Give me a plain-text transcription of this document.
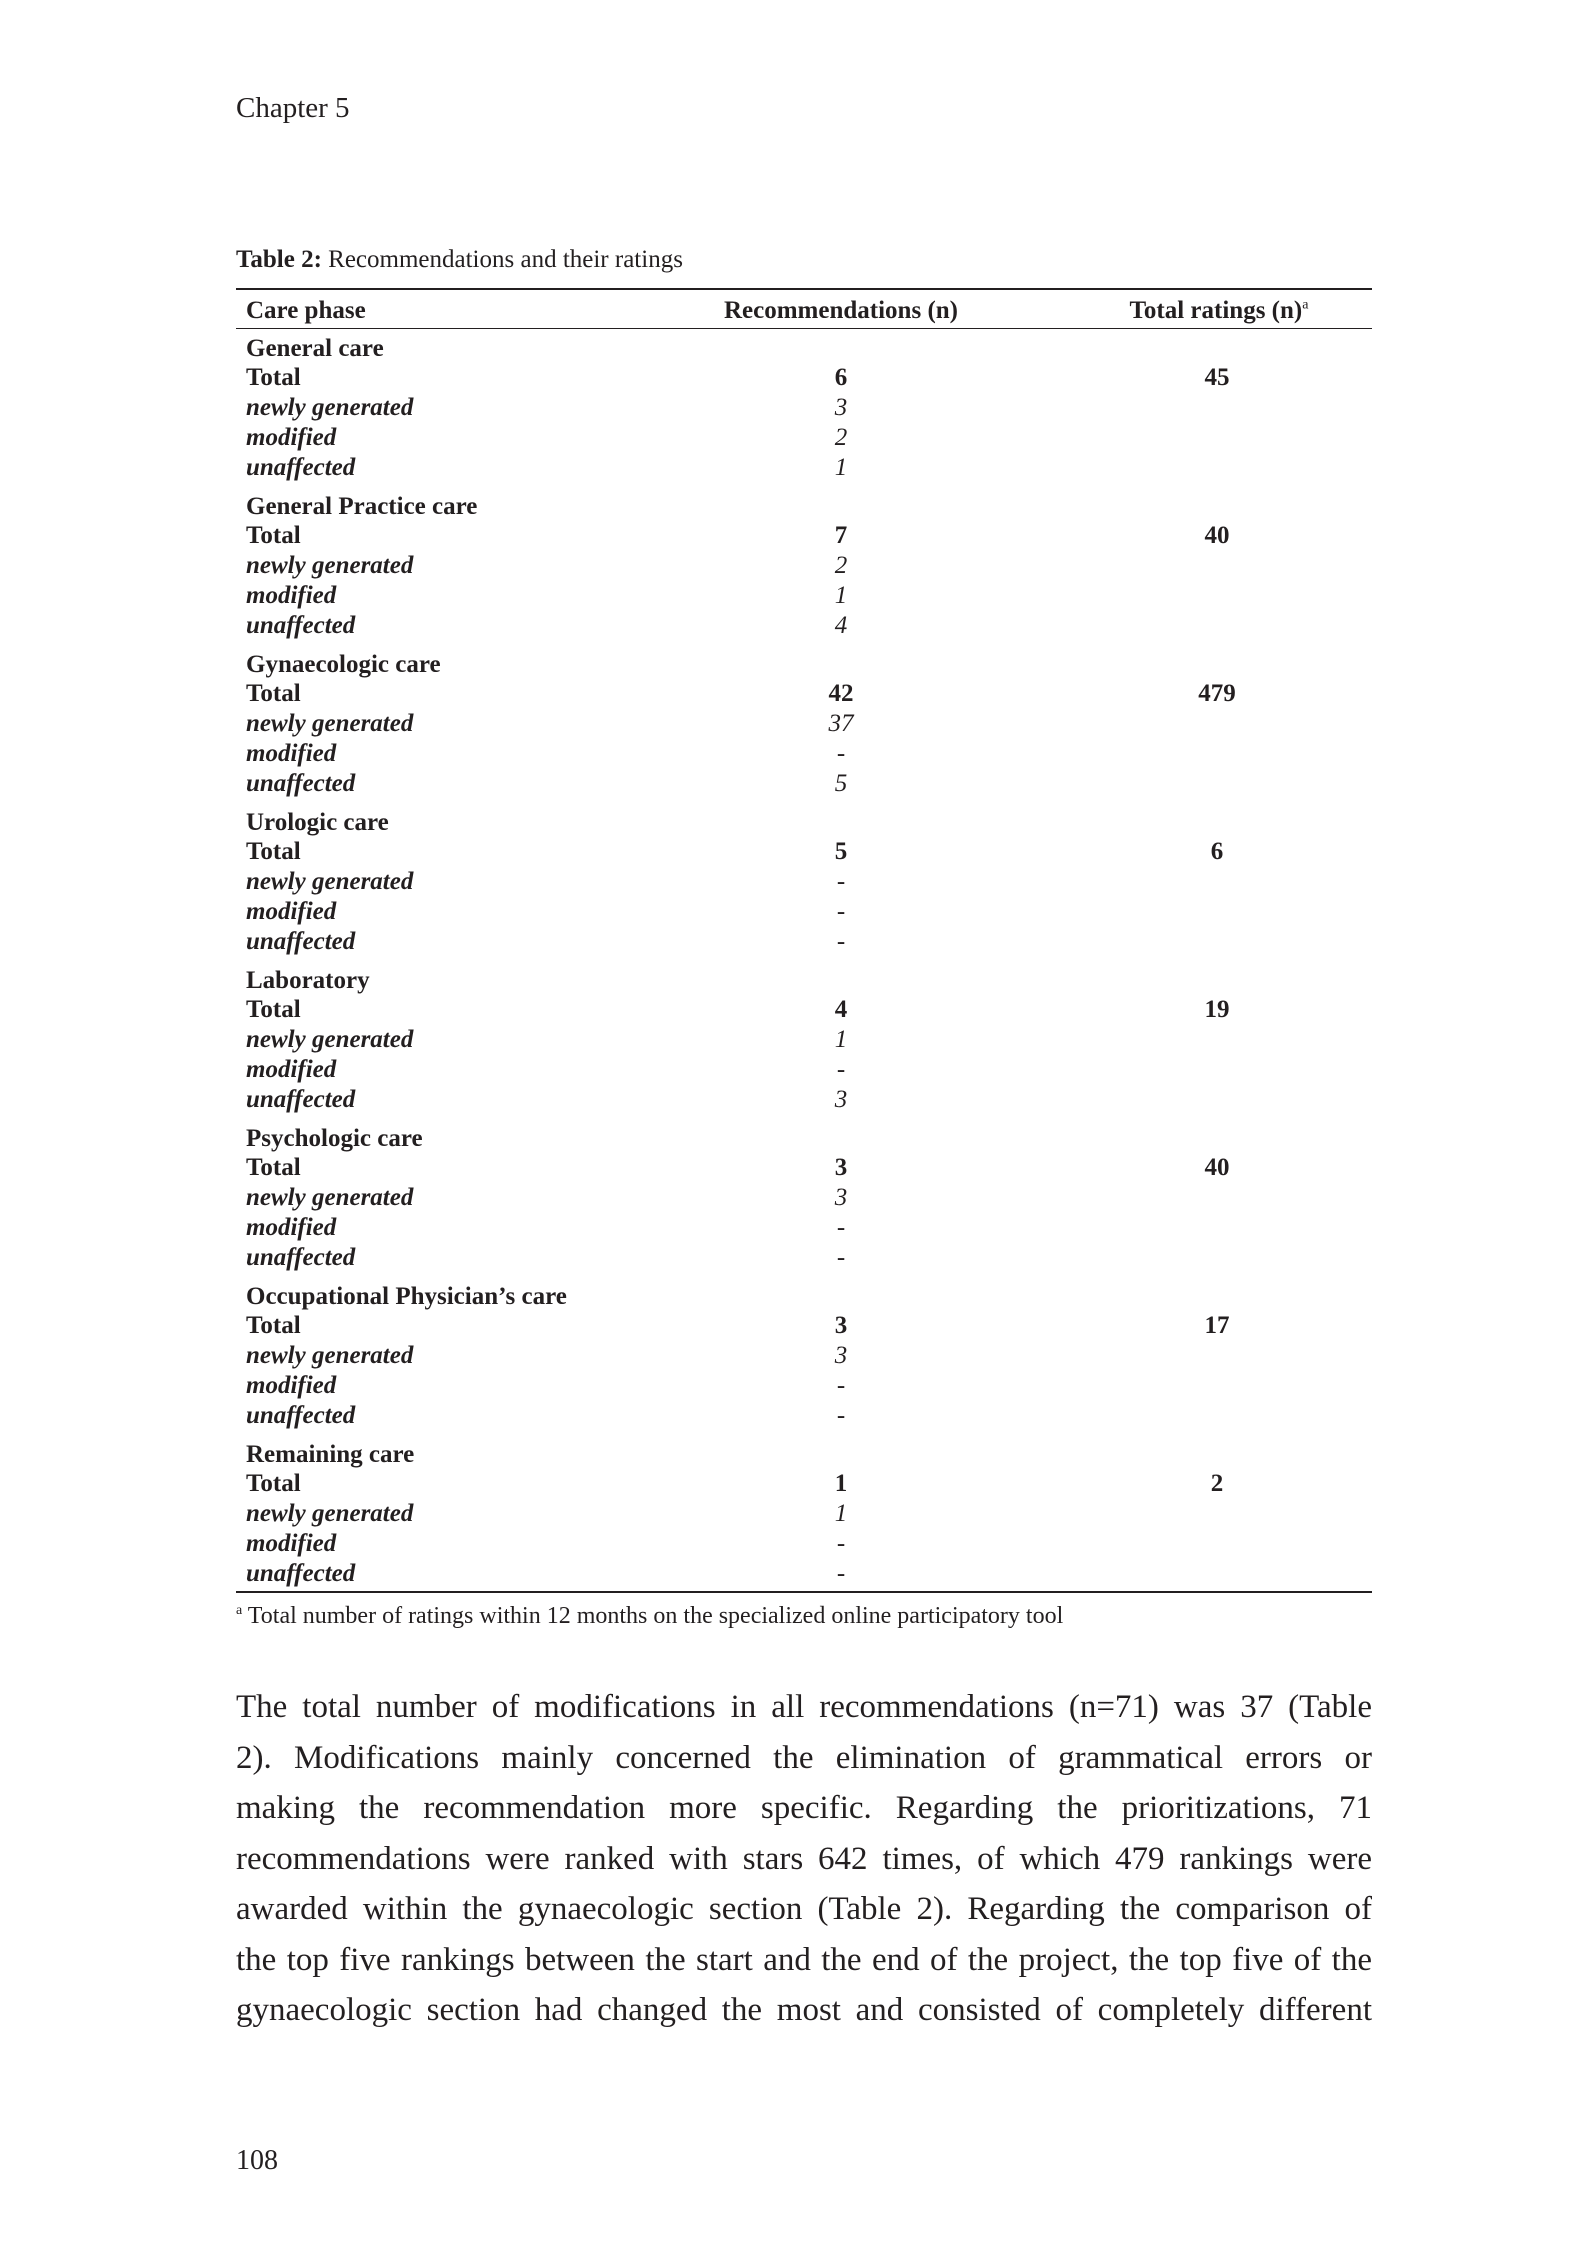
Chapter 5
Table 2: Recommendations and their ratings
Care phase	Recommendations (n)	Total ratings $(n)^a$
General care
Total	6	45
newly generated	3
modified	2
unaffected	1
General Practice care
Total	7	40
newly generated	2
modified	1
unaffected	4
Gynaecologic care
Total	42	479
newly generated	37
modified	-
unaffected	5
Urologic care
Total	5	6
newly generated	-
modified	-
unaffected	-
Laboratory
Total	4	19
newly generated	1
modified	-
unaffected	3
Psychologic care
Total	3	40
newly generated	3
modified	-
unaffected	-
Occupational Physician’s care
Total	3	17
newly generated	3
modified	-
unaffected	-
Remaining care
Total	1	2
newly generated	1
modified	-
unaffected	-
$^a$ Total number of ratings within 12 months on the specialized online participatory tool
The total number of modifications in all recommendations (n=71) was 37 (Table
2). Modifications mainly concerned the elimination of grammatical errors or
making the recommendation more specific. Regarding the prioritizations, 71
recommendations were ranked with stars 642 times, of which 479 rankings were
awarded within the gynaecologic section (Table 2). Regarding the comparison of
the top five rankings between the start and the end of the project, the top five of the
gynaecologic section had changed the most and consisted of completely different
108
